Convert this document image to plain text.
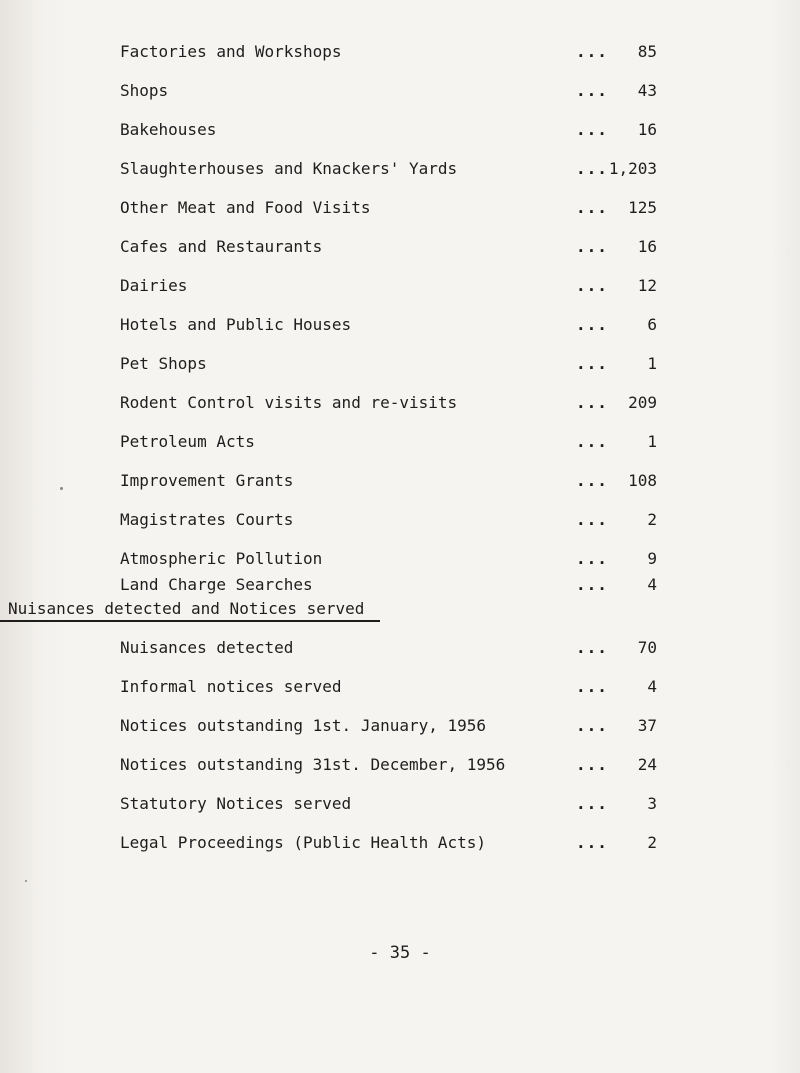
Factories and Workshops	... 85
Shops	... 43
Bakehouses	... 16
Slaughterhouses and Knackers' Yards	... 1,203
Other Meat and Food Visits	... 125
Cafes and Restaurants	... 16
Dairies	... 12
Hotels and Public Houses	... 6
Pet Shops	... 1
Rodent Control visits and re-visits	... 209
Petroleum Acts	... 1
Improvement Grants	... 108
Magistrates Courts	... 2
Atmospheric Pollution	... 9
Land Charge Searches	... 4
Nuisances detected and Notices served
Nuisances detected	... 70
Informal notices served	... 4
Notices outstanding 1st. January, 1956	... 37
Notices outstanding 31st. December, 1956	... 24
Statutory Notices served	... 3
Legal Proceedings (Public Health Acts)	... 2
- 35 -
